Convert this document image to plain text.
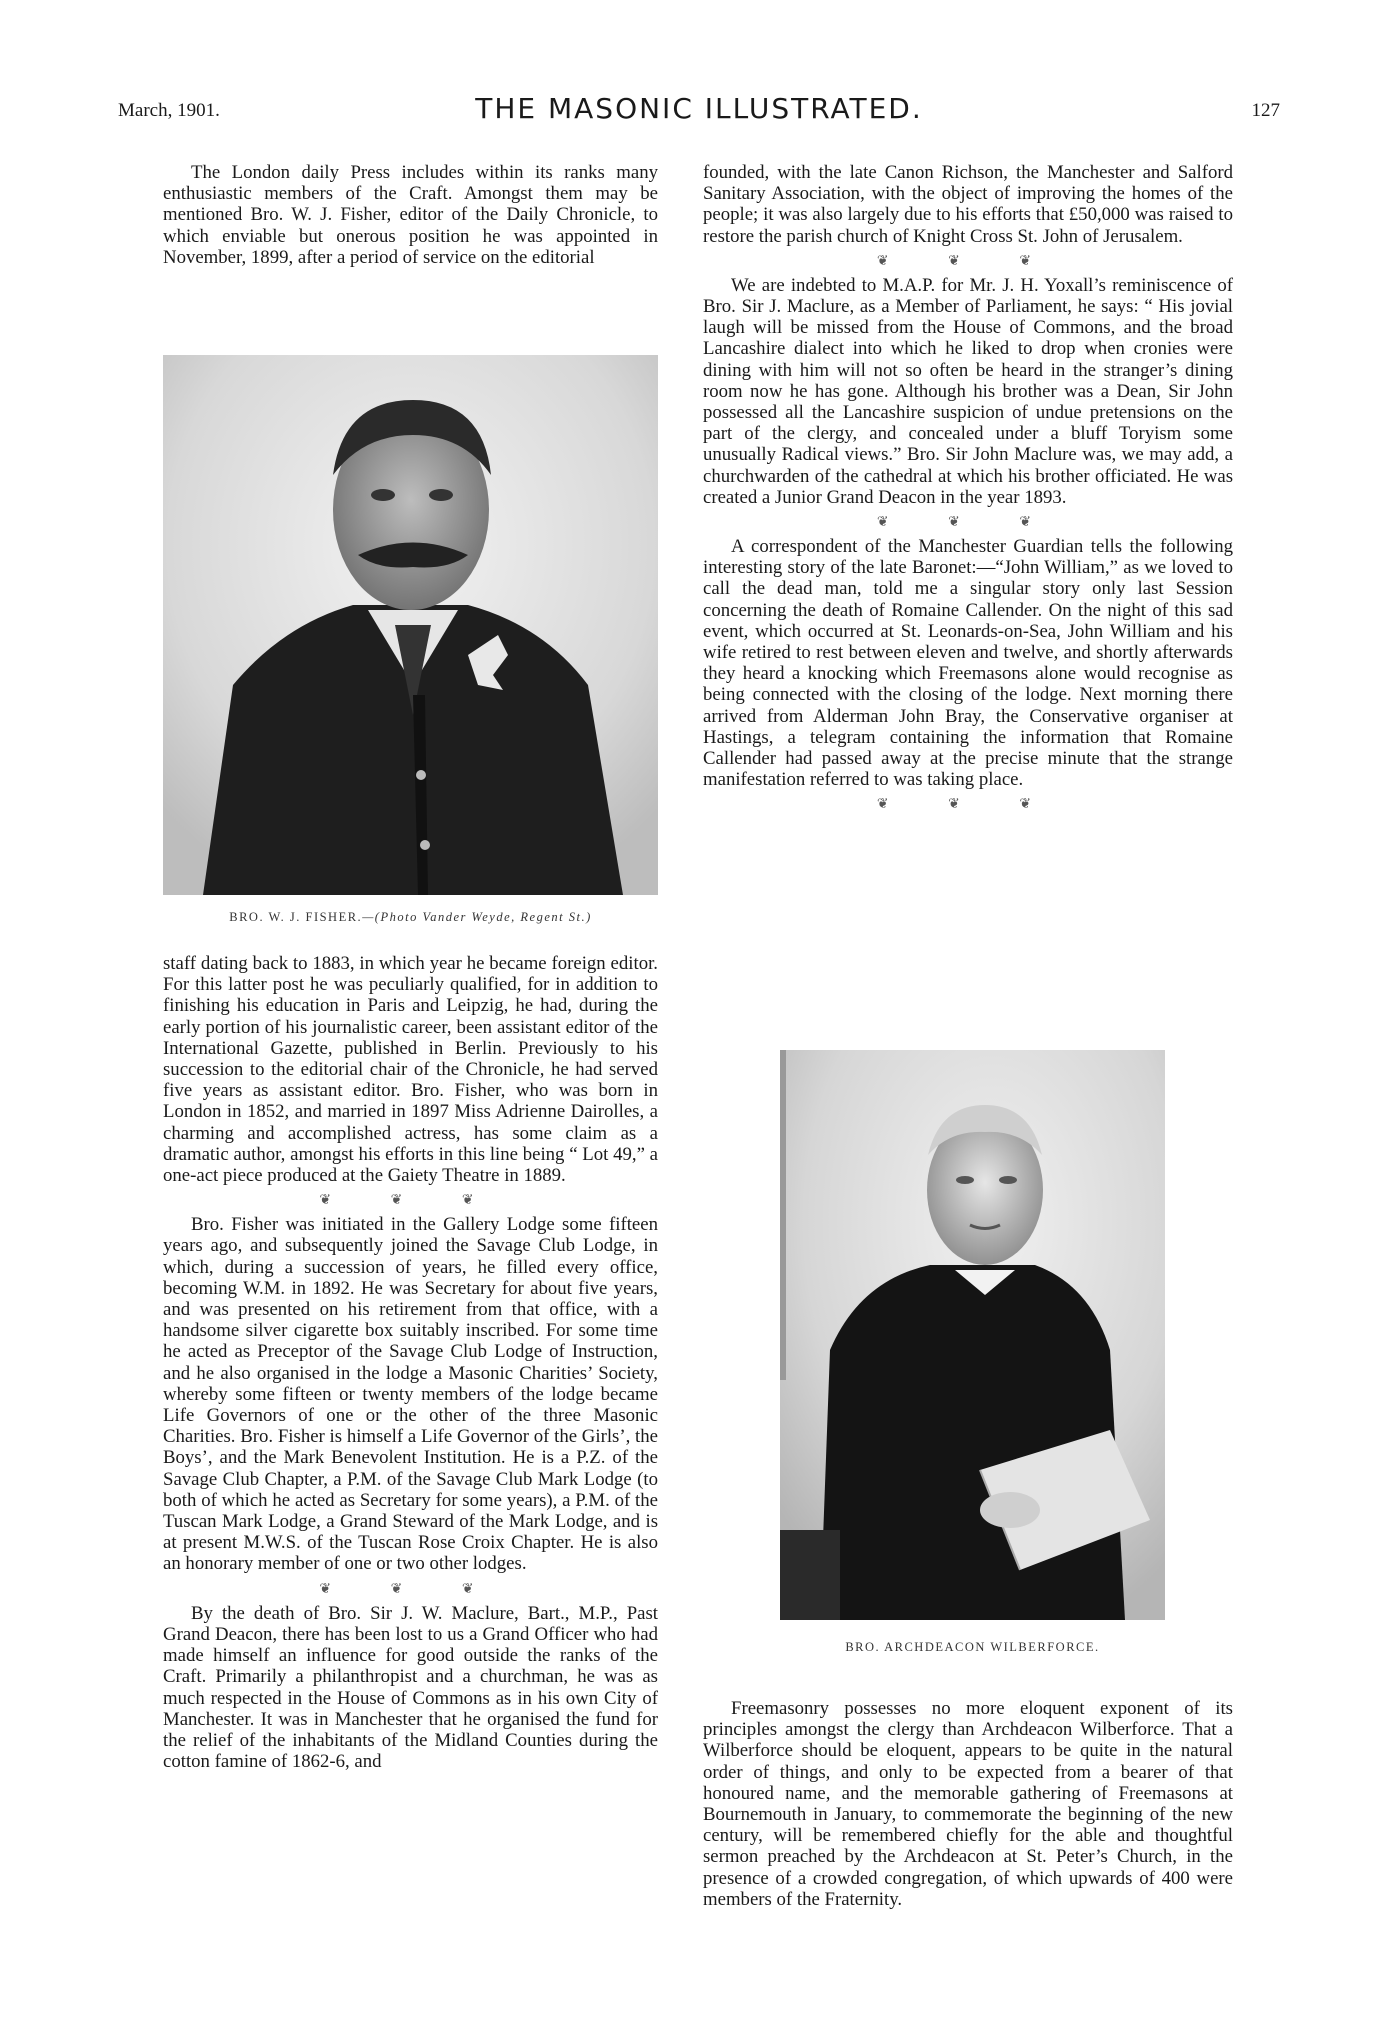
March, 1901.	THE MASONIC ILLUSTRATED.	127

The London daily Press includes within its ranks many enthusiastic members of the Craft. Amongst them may be mentioned Bro. W. J. Fisher, editor of the Daily Chronicle, to which enviable but onerous position he was appointed in November, 1899, after a period of service on the editorial

BRO. W. J. FISHER.—(Photo Vander Weyde, Regent St.)

staff dating back to 1883, in which year he became foreign editor. For this latter post he was peculiarly qualified, for in addition to finishing his education in Paris and Leipzig, he had, during the early portion of his journalistic career, been assistant editor of the International Gazette, published in Berlin. Previously to his succession to the editorial chair of the Chronicle, he had served five years as assistant editor. Bro. Fisher, who was born in London in 1852, and married in 1897 Miss Adrienne Dairolles, a charming and accomplished actress, has some claim as a dramatic author, amongst his efforts in this line being “ Lot 49,” a one-act piece produced at the Gaiety Theatre in 1889.

❦ ❦ ❦

Bro. Fisher was initiated in the Gallery Lodge some fifteen years ago, and subsequently joined the Savage Club Lodge, in which, during a succession of years, he filled every office, becoming W.M. in 1892. He was Secretary for about five years, and was presented on his retirement from that office, with a handsome silver cigarette box suitably inscribed. For some time he acted as Preceptor of the Savage Club Lodge of Instruction, and he also organised in the lodge a Masonic Charities’ Society, whereby some fifteen or twenty members of the lodge became Life Governors of one or the other of the three Masonic Charities. Bro. Fisher is himself a Life Governor of the Girls’, the Boys’, and the Mark Benevolent Institution. He is a P.Z. of the Savage Club Chapter, a P.M. of the Savage Club Mark Lodge (to both of which he acted as Secretary for some years), a P.M. of the Tuscan Mark Lodge, a Grand Steward of the Mark Lodge, and is at present M.W.S. of the Tuscan Rose Croix Chapter. He is also an honorary member of one or two other lodges.

❦ ❦ ❦

By the death of Bro. Sir J. W. Maclure, Bart., M.P., Past Grand Deacon, there has been lost to us a Grand Officer who had made himself an influence for good outside the ranks of the Craft. Primarily a philanthropist and a churchman, he was as much respected in the House of Commons as in his own City of Manchester. It was in Manchester that he organised the fund for the relief of the inhabitants of the Midland Counties during the cotton famine of 1862-6, and

founded, with the late Canon Richson, the Manchester and Salford Sanitary Association, with the object of improving the homes of the people; it was also largely due to his efforts that £50,000 was raised to restore the parish church of Knight Cross St. John of Jerusalem.

❦ ❦ ❦

We are indebted to M.A.P. for Mr. J. H. Yoxall’s reminiscence of Bro. Sir J. Maclure, as a Member of Parliament, he says: “ His jovial laugh will be missed from the House of Commons, and the broad Lancashire dialect into which he liked to drop when cronies were dining with him will not so often be heard in the stranger’s dining room now he has gone. Although his brother was a Dean, Sir John possessed all the Lancashire suspicion of undue pretensions on the part of the clergy, and concealed under a bluff Toryism some unusually Radical views.” Bro. Sir John Maclure was, we may add, a churchwarden of the cathedral at which his brother officiated. He was created a Junior Grand Deacon in the year 1893.

❦ ❦ ❦

A correspondent of the Manchester Guardian tells the following interesting story of the late Baronet:—“John William,” as we loved to call the dead man, told me a singular story only last Session concerning the death of Romaine Callender. On the night of this sad event, which occurred at St. Leonards-on-Sea, John William and his wife retired to rest between eleven and twelve, and shortly afterwards they heard a knocking which Freemasons alone would recognise as being connected with the closing of the lodge. Next morning there arrived from Alderman John Bray, the Conservative organiser at Hastings, a telegram containing the information that Romaine Callender had passed away at the precise minute that the strange manifestation referred to was taking place.

❦ ❦ ❦
BRO. ARCHDEACON WILBERFORCE.

Freemasonry possesses no more eloquent exponent of its principles amongst the clergy than Archdeacon Wilberforce. That a Wilberforce should be eloquent, appears to be quite in the natural order of things, and only to be expected from a bearer of that honoured name, and the memorable gathering of Freemasons at Bournemouth in January, to commemorate the beginning of the new century, will be remembered chiefly for the able and thoughtful sermon preached by the Archdeacon at St. Peter’s Church, in the presence of a crowded congregation, of which upwards of 400 were members of the Fraternity.
